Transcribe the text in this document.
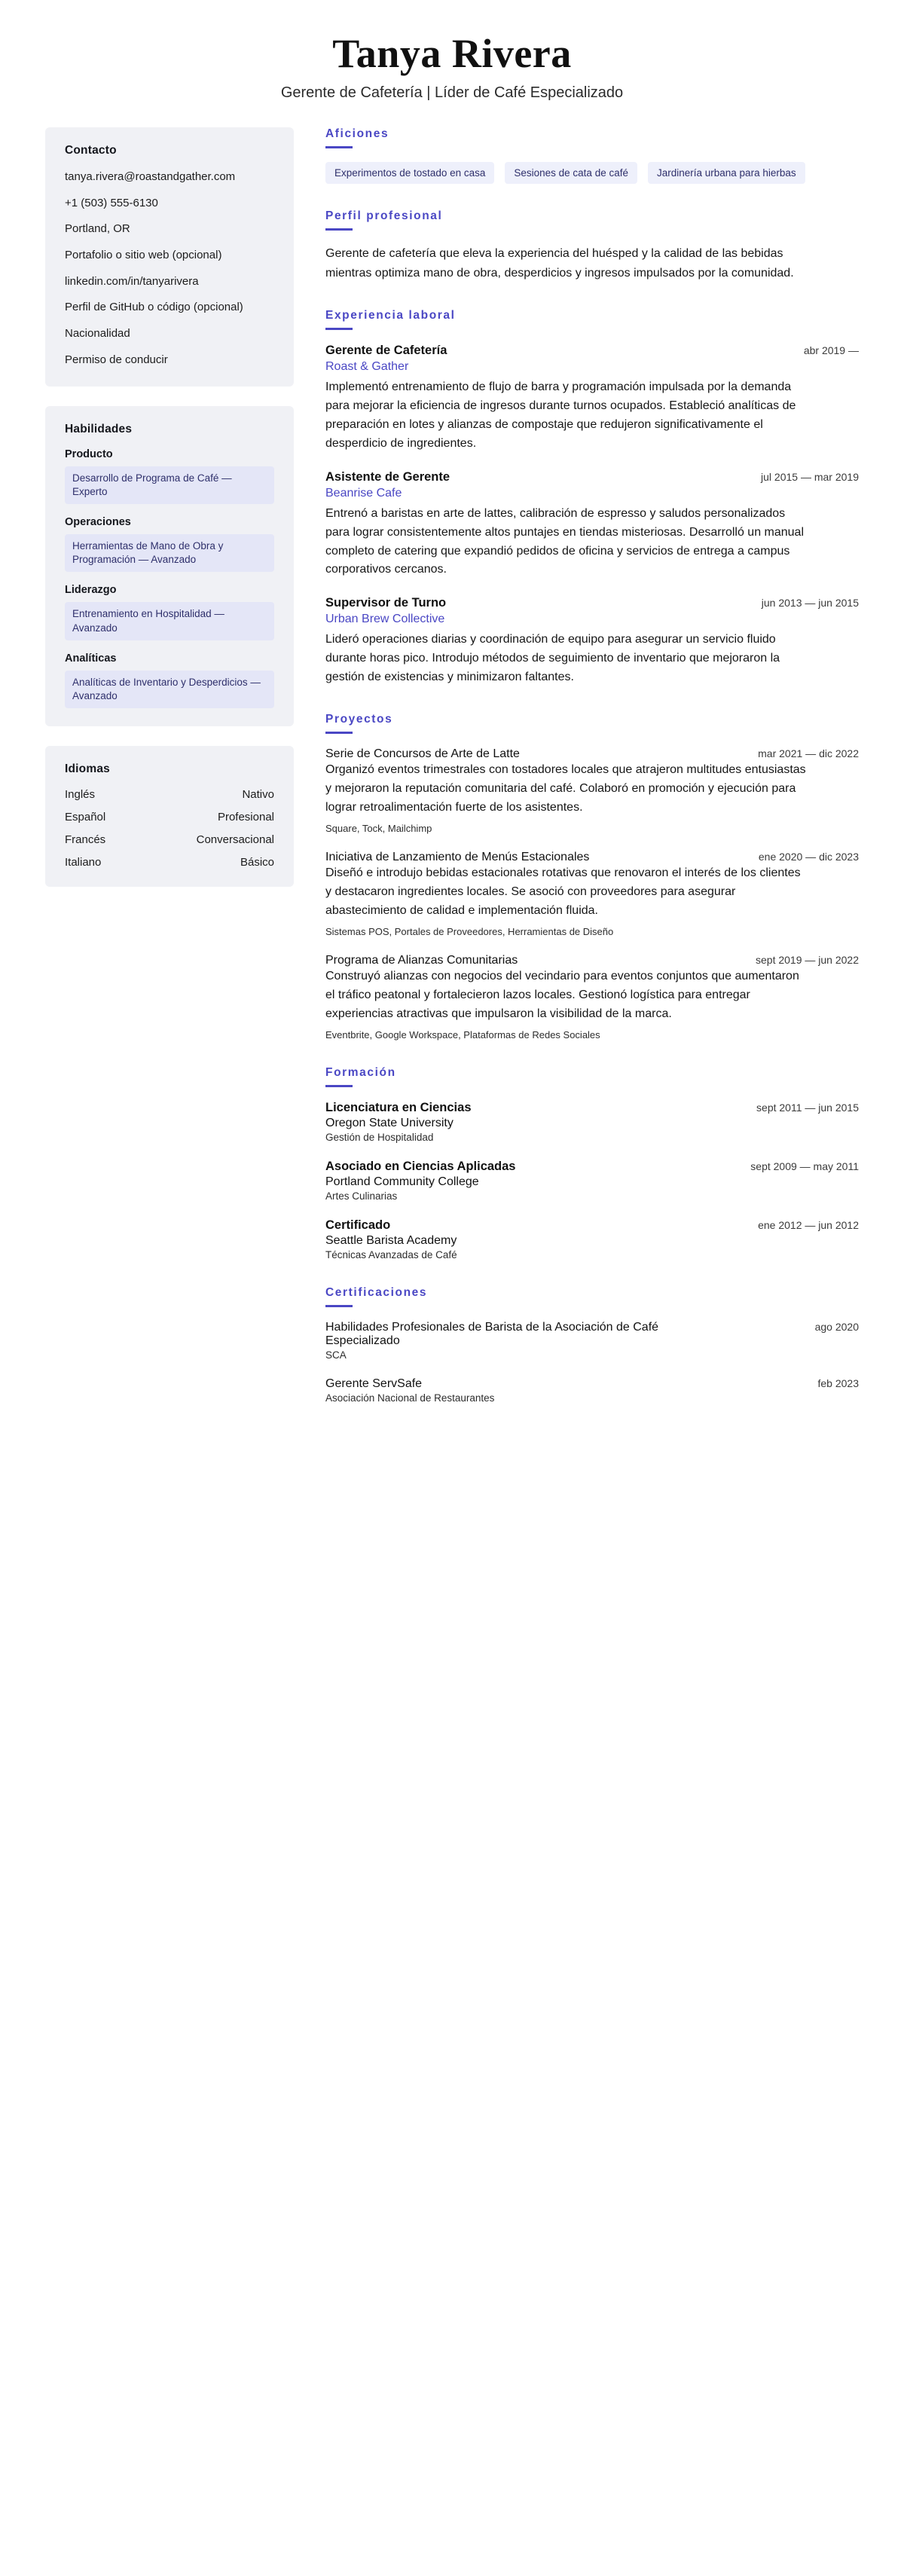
Tanya Rivera

Gerente de Cafetería | Líder de Café Especializado

Contacto
tanya.rivera@roastandgather.com
+1 (503) 555-6130
Portland, OR
Portafolio o sitio web (opcional)
linkedin.com/in/tanyarivera
Perfil de GitHub o código (opcional)
Nacionalidad
Permiso de conducir
Habilidades
Producto
Desarrollo de Programa de Café — Experto
Operaciones
Herramientas de Mano de Obra y Programación — Avanzado
Liderazgo
Entrenamiento en Hospitalidad — Avanzado
Analíticas
Analíticas de Inventario y Desperdicios — Avanzado
Idiomas
Inglés	Nativo
Español	Profesional
Francés	Conversacional
Italiano	Básico
Aficiones
Experimentos de tostado en casa	Sesiones de cata de café	Jardinería urbana para hierbas
Perfil profesional

Gerente de cafetería que eleva la experiencia del huésped y la calidad de las bebidas mientras optimiza mano de obra, desperdicios y ingresos impulsados por la comunidad.

Experiencia laboral
Gerente de Cafetería	abr 2019 —
Roast & Gather

Implementó entrenamiento de flujo de barra y programación impulsada por la demanda para mejorar la eficiencia de ingresos durante turnos ocupados. Estableció analíticas de preparación en lotes y alianzas de compostaje que redujeron significativamente el desperdicio de ingredientes.

Asistente de Gerente	jul 2015 — mar 2019
Beanrise Cafe

Entrenó a baristas en arte de lattes, calibración de espresso y saludos personalizados para lograr consistentemente altos puntajes en tiendas misteriosas. Desarrolló un manual completo de catering que expandió pedidos de oficina y servicios de entrega a campus corporativos cercanos.

Supervisor de Turno	jun 2013 — jun 2015
Urban Brew Collective

Lideró operaciones diarias y coordinación de equipo para asegurar un servicio fluido durante horas pico. Introdujo métodos de seguimiento de inventario que mejoraron la gestión de existencias y minimizaron faltantes.

Proyectos
Serie de Concursos de Arte de Latte	mar 2021 — dic 2022

Organizó eventos trimestrales con tostadores locales que atrajeron multitudes entusiastas y mejoraron la reputación comunitaria del café. Colaboró en promoción y ejecución para lograr retroalimentación fuerte de los asistentes.

Square, Tock, Mailchimp
Iniciativa de Lanzamiento de Menús Estacionales	ene 2020 — dic 2023

Diseñó e introdujo bebidas estacionales rotativas que renovaron el interés de los clientes y destacaron ingredientes locales. Se asoció con proveedores para asegurar abastecimiento de calidad e implementación fluida.

Sistemas POS, Portales de Proveedores, Herramientas de Diseño
Programa de Alianzas Comunitarias	sept 2019 — jun 2022

Construyó alianzas con negocios del vecindario para eventos conjuntos que aumentaron el tráfico peatonal y fortalecieron lazos locales. Gestionó logística para entregar experiencias atractivas que impulsaron la visibilidad de la marca.

Eventbrite, Google Workspace, Plataformas de Redes Sociales
Formación
Licenciatura en Ciencias	sept 2011 — jun 2015
Oregon State University
Gestión de Hospitalidad
Asociado en Ciencias Aplicadas	sept 2009 — may 2011
Portland Community College
Artes Culinarias
Certificado	ene 2012 — jun 2012
Seattle Barista Academy
Técnicas Avanzadas de Café
Certificaciones
Habilidades Profesionales de Barista de la Asociación de Café Especializado
ago 2020
SCA
Gerente ServSafe	feb 2023
Asociación Nacional de Restaurantes
